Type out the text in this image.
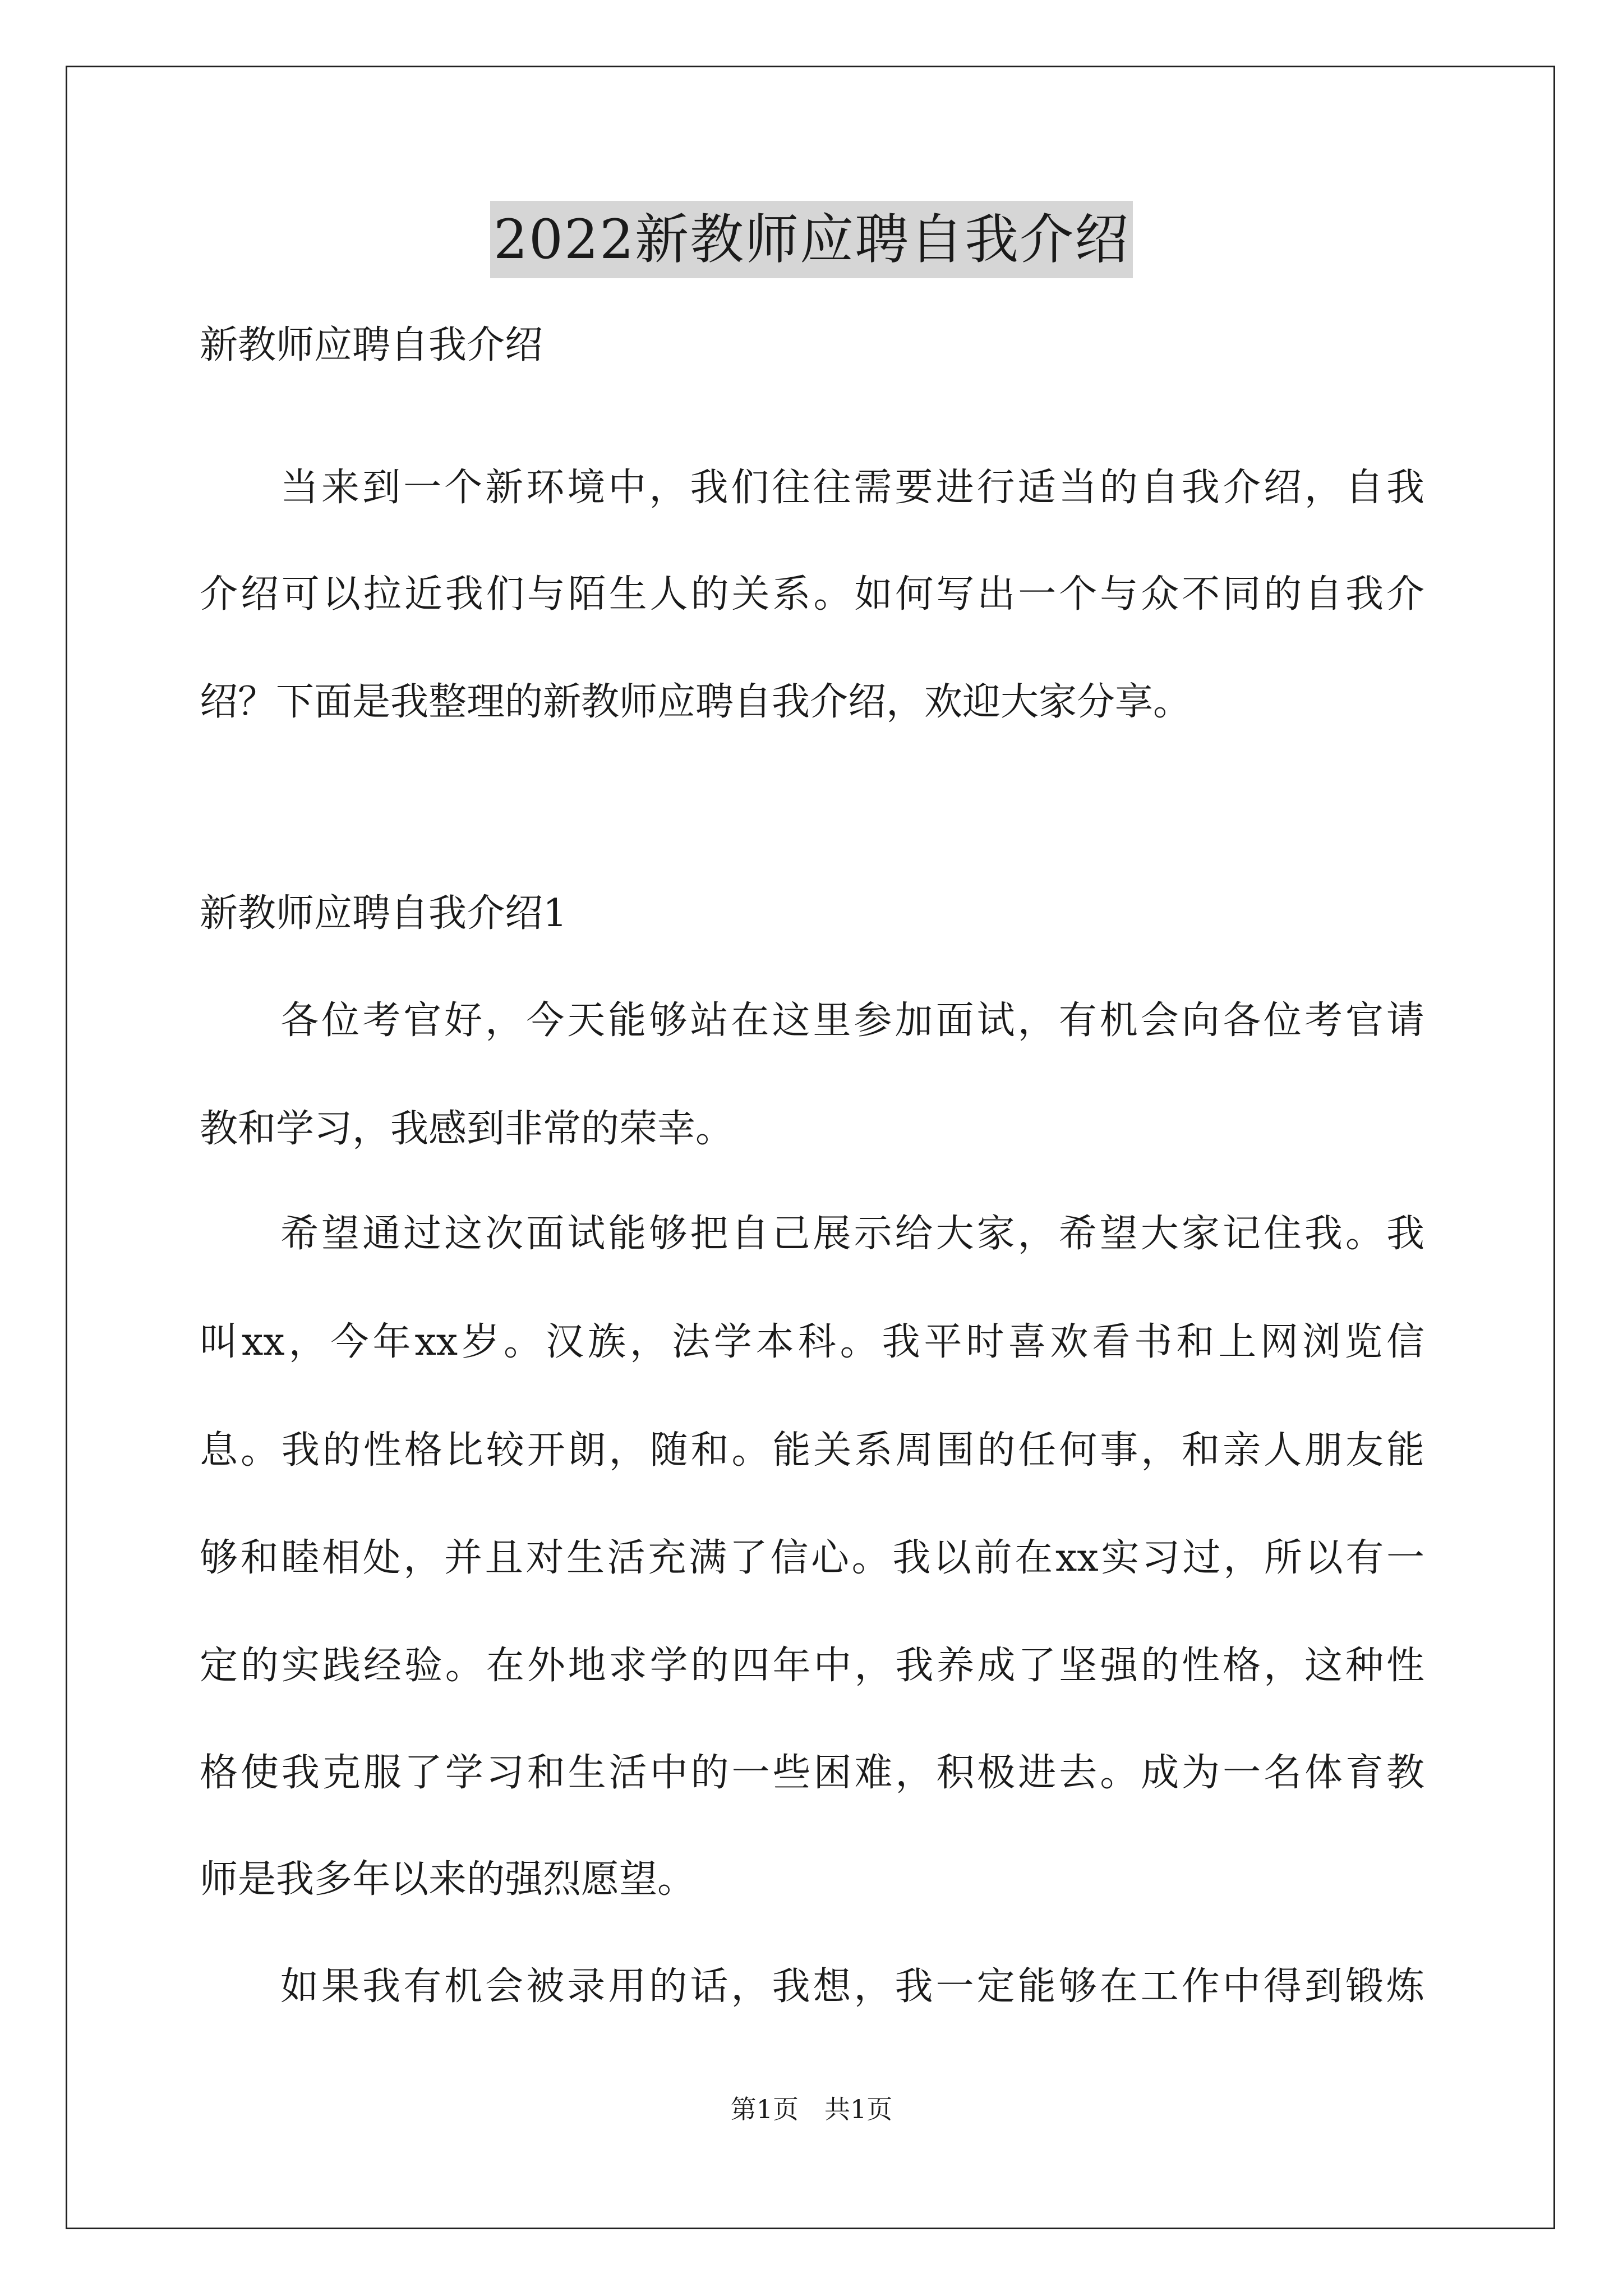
2022新教师应聘自我介绍
新教师应聘自我介绍
当来到一个新环境中，我们往往需要进行适当的自我介绍，自我
介绍可以拉近我们与陌生人的关系。如何写出一个与众不同的自我介
绍？下面是我整理的新教师应聘自我介绍，欢迎大家分享。
新教师应聘自我介绍1
各位考官好，今天能够站在这里参加面试，有机会向各位考官请
教和学习，我感到非常的荣幸。
希望通过这次面试能够把自己展示给大家，希望大家记住我。我
叫xx，今年xx岁。汉族，法学本科。我平时喜欢看书和上网浏览信
息。我的性格比较开朗，随和。能关系周围的任何事，和亲人朋友能
够和睦相处，并且对生活充满了信心。我以前在xx实习过，所以有一
定的实践经验。在外地求学的四年中，我养成了坚强的性格，这种性
格使我克服了学习和生活中的一些困难，积极进去。成为一名体育教
师是我多年以来的强烈愿望。
如果我有机会被录用的话，我想，我一定能够在工作中得到锻炼
第1页　共1页
